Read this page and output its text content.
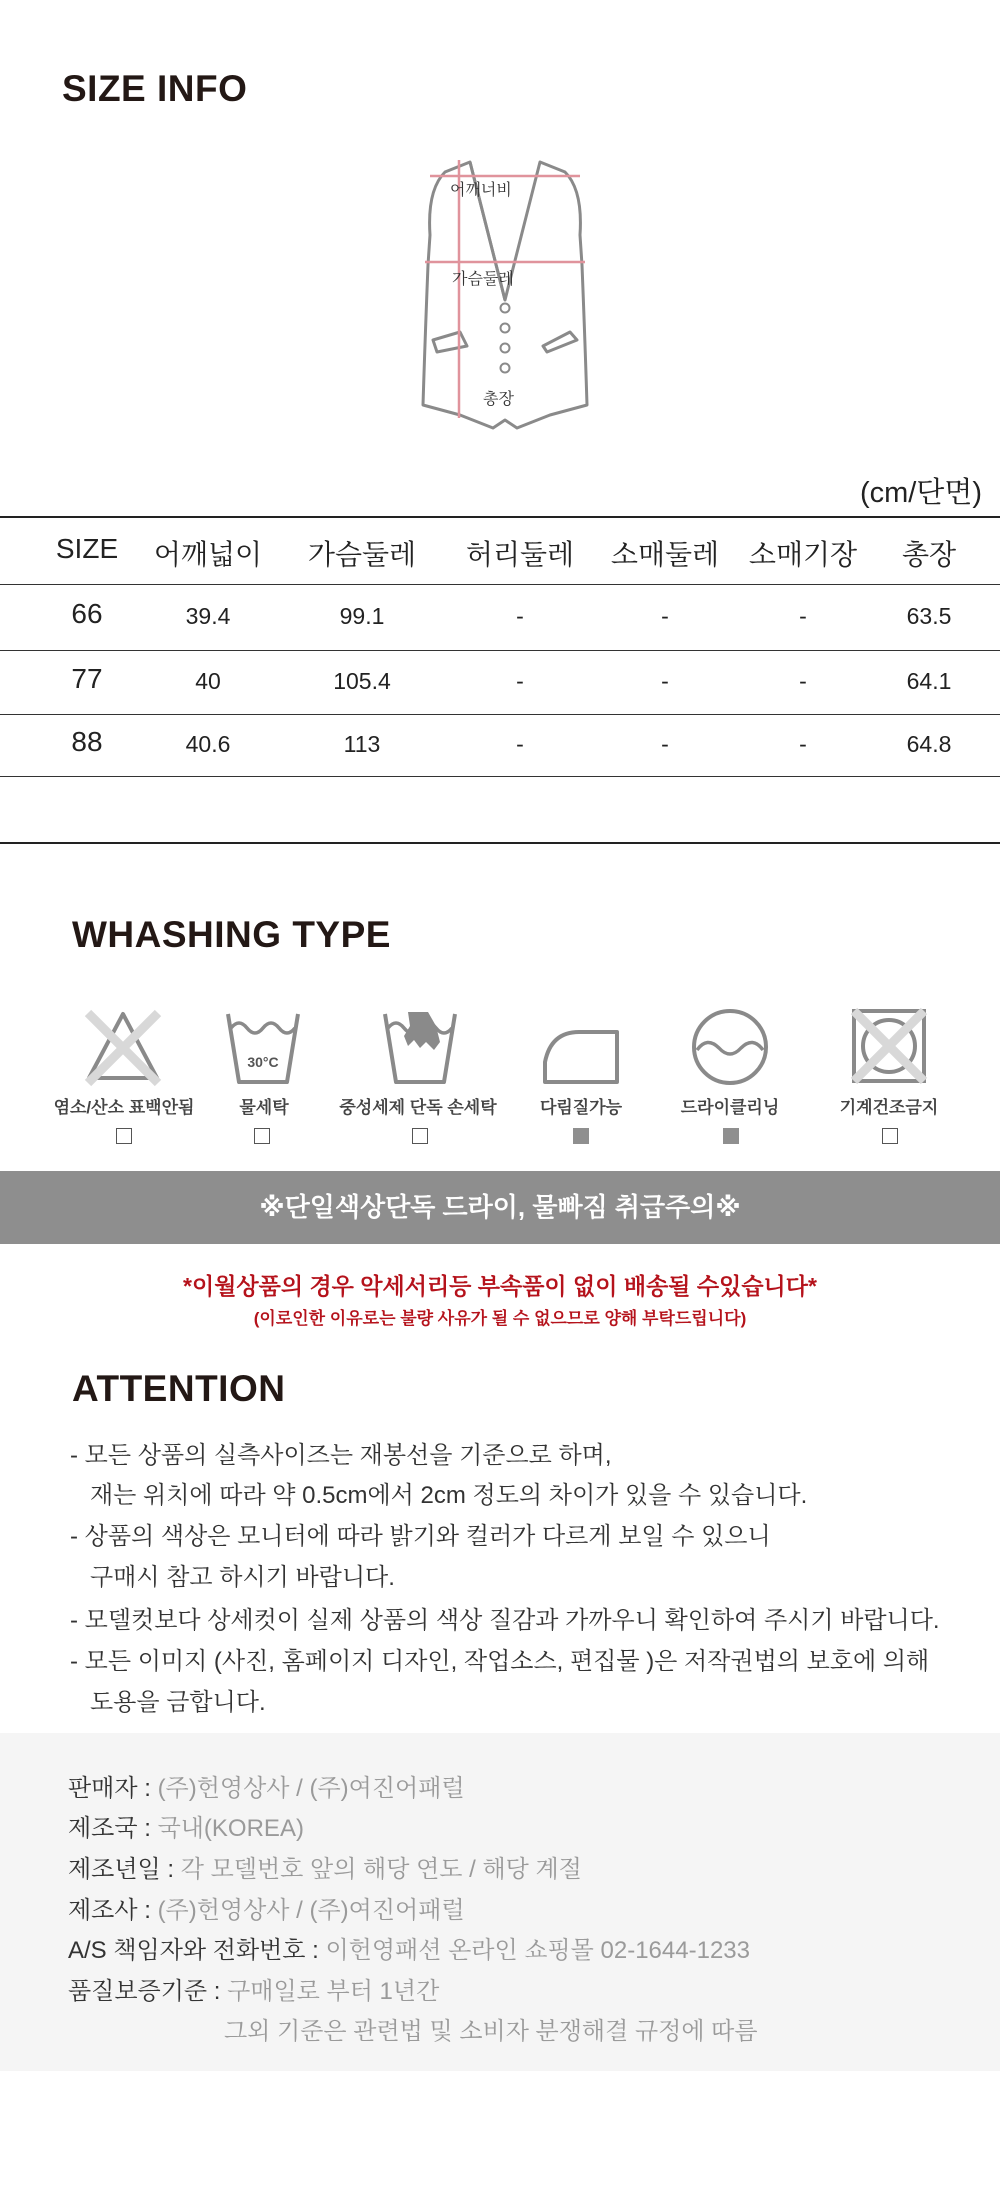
SIZE INFO
어깨너비
가슴둘레
총장
(cm/단면)
SIZE 어깨넓이 가슴둘레 허리둘레 소매둘레 소매기장 총장
66	39.4	99.1	-	-	-	63.5
77	40	105.4	-	-	-	64.1
88	40.6	113	-	-	-	64.8
WHASHING TYPE
30°C
염소/산소 표백안됨	물세탁	중성세제 단독 손세탁	다림질가능	드라이클리닝	기계건조금지
※단일색상단독 드라이, 물빠짐 취급주의※
*이월상품의 경우 악세서리등 부속품이 없이 배송될 수있습니다*
(이로인한 이유로는 불량 사유가 될 수 없으므로 양해 부탁드립니다)
ATTENTION
- 모든 상품의 실측사이즈는 재봉선을 기준으로 하며,
재는 위치에 따라 약 0.5cm에서 2cm 정도의 차이가 있을 수 있습니다.
- 상품의 색상은 모니터에 따라 밝기와 컬러가 다르게 보일 수 있으니
구매시 참고 하시기 바랍니다.
- 모델컷보다 상세컷이 실제 상품의 색상 질감과 가까우니 확인하여 주시기 바랍니다.
- 모든 이미지 (사진, 홈페이지 디자인, 작업소스, 편집물 )은 저작권법의 보호에 의해
도용을 금합니다.
판매자 : (주)헌영상사 / (주)여진어패럴
제조국 : 국내(KOREA)
제조년일 : 각 모델번호 앞의 해당 연도 / 해당 계절
제조사 : (주)헌영상사 / (주)여진어패럴
A/S 책임자와 전화번호 : 이헌영패션 온라인 쇼핑몰 02-1644-1233
품질보증기준 : 구매일로 부터 1년간
그외 기준은 관련법 및 소비자 분쟁해결 규정에 따름
